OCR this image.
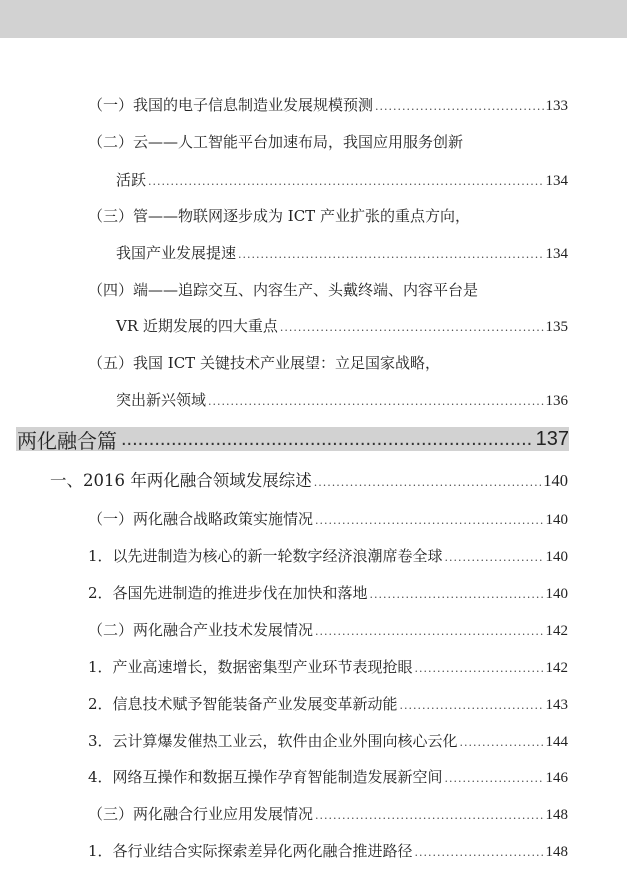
（一）我国的电子信息制造业发展规模预测 .....	133
（二）云——人工智能平台加速布局，我国应用服务创新
活跃 .....	134
（三）管——物联网逐步成为 ICT 产业扩张的重点方向，
我国产业发展提速 .....	134
（四）端——追踪交互、内容生产、头戴终端、内容平台是
VR 近期发展的四大重点 .....	135
（五）我国 ICT 关键技术产业展望：立足国家战略，
突出新兴领域 .....	136
两化融合篇 .....	137
一、2016 年两化融合领域发展综述 .....	140
（一）两化融合战略政策实施情况 .....	140
1．以先进制造为核心的新一轮数字经济浪潮席卷全球 .....	140
2．各国先进制造的推进步伐在加快和落地 .....	140
（二）两化融合产业技术发展情况 .....	142
1．产业高速增长，数据密集型产业环节表现抢眼 .....	142
2．信息技术赋予智能装备产业发展变革新动能 .....	143
3．云计算爆发催热工业云，软件由企业外围向核心云化 .....	144
4．网络互操作和数据互操作孕育智能制造发展新空间 .....	146
（三）两化融合行业应用发展情况 .....	148
1．各行业结合实际探索差异化两化融合推进路径 .....	148
